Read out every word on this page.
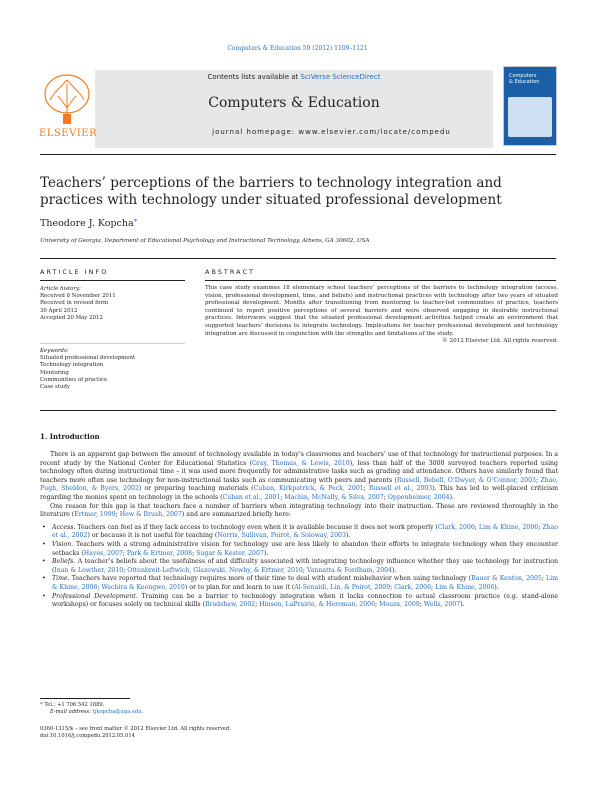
Computers & Education 59 (2012) 1109–1121
Contents lists available at SciVerse ScienceDirect
Computers & Education
journal homepage: www.elsevier.com/locate/compedu
ELSEVIER
Computers
& Education
Teachers’ perceptions of the barriers to technology integration and practices with technology under situated professional development
Theodore J. Kopcha*
University of Georgia, Department of Educational Psychology and Instructional Technology, Athens, GA 30602, USA
ARTICLE INFO	ABSTRACT
Article history:
Received 8 November 2011
Received in revised form
30 April 2012
Accepted 20 May 2012
Keywords:
Situated professional development
Technology integration
Mentoring
Communities of practice
Case study
This case study examines 18 elementary school teachers’ perceptions of the barriers to technology integration (access, vision, professional development, time, and beliefs) and instructional practices with technology after two years of situated professional development. Months after transitioning from mentoring to teacher-led communities of practice, teachers continued to report positive perceptions of several barriers and were observed engaging in desirable instructional practices. Interviews suggest that the situated professional development activities helped create an environment that supported teachers’ decisions to integrate technology. Implications for teacher professional development and technology integration are discussed in conjunction with the strengths and limitations of the study.
© 2012 Elsevier Ltd. All rights reserved.
1. Introduction

There is an apparent gap between the amount of technology available in today’s classrooms and teachers’ use of that technology for instructional purposes. In a recent study by the National Center for Educational Statistics (Gray, Thomas, & Lewis, 2010), less than half of the 3000 surveyed teachers reported using technology often during instructional time – it was used more frequently for administrative tasks such as grading and attendance. Others have similarly found that teachers more often use technology for non-instructional tasks such as communicating with peers and parents (Russell, Bebell, O’Dwyer, & O’Connor, 2003; Zhao, Pugh, Sheldon, & Byers, 2002) or preparing teaching materials (Cuban, Kirkpatrick, & Peck, 2001; Russell et al., 2003). This has led to well-placed criticism regarding the monies spent on technology in the schools (Cuban et al., 2001; Machin, McNally, & Silva, 2007; Oppenheimer, 2004).

One reason for this gap is that teachers face a number of barriers when integrating technology into their instruction. These are reviewed thoroughly in the literature (Ertmer, 1999; Hew & Brush, 2007) and are summarized briefly here:

• Access. Teachers can feel as if they lack access to technology even when it is available because it does not work properly (Clark, 2006; Lim & Khine, 2006; Zhao et al., 2002) or because it is not useful for teaching (Norris, Sullivan, Poirot, & Soloway, 2003).
• Vision. Teachers with a strong administrative vision for technology use are less likely to abandon their efforts to integrate technology when they encounter setbacks (Hayes, 2007; Park & Ertmer, 2008; Sugar & Kester, 2007).
• Beliefs. A teacher’s beliefs about the usefulness of and difficulty associated with integrating technology influence whether they use technology for instruction (Inan & Lowther, 2010; Ottenbreit-Leftwich, Glazewski, Newby, & Ertmer, 2010; Vannatta & Fordham, 2004).
• Time. Teachers have reported that technology requires more of their time to deal with student misbehavior when using technology (Bauer & Kenton, 2005; Lim & Khine, 2006; Wachira & Keengwe, 2010) or to plan for and learn to use it (Al-Senaidi, Lin, & Poirot, 2009; Clark, 2006; Lim & Khine, 2006).
• Professional Development. Training can be a barrier to technology integration when it lacks connection to actual classroom practice (e.g. stand-alone workshops) or focuses solely on technical skills (Bradshaw, 2002; Hinson, LaPrairie, & Heroman, 2006; Mouza, 2009; Wells, 2007).
* Tel.: +1 706 542 1889.
E-mail address: tjkopcha@uga.edu.
0360-1315/$ – see front matter © 2012 Elsevier Ltd. All rights reserved.
doi:10.1016/j.compedu.2012.05.014
